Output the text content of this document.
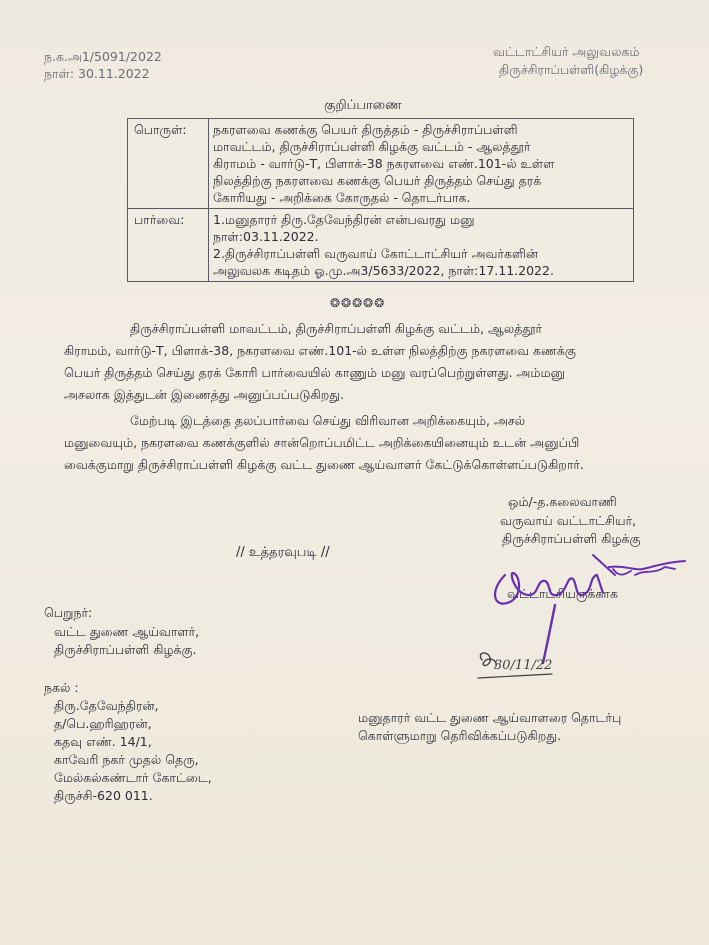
ந.க.அ1/5091/2022
நாள்: 30.11.2022
வட்டாட்சியர் அலுவலகம்
திருச்சிராப்பள்ளி(கிழக்கு)
குறிப்பாணை
பொருள்:	நகரளவை கணக்கு பெயர் திருத்தம் - திருச்சிராப்பள்ளி
மாவட்டம், திருச்சிராப்பள்ளி கிழக்கு வட்டம் - ஆலத்தூர்
கிராமம் - வார்டு-T, பிளாக்-38 நகரளவை எண்.101-ல் உள்ள
நிலத்திற்கு நகரளவை கணக்கு பெயர் திருத்தம் செய்து தரக்
கோரியது - அறிக்கை கோருதல் - தொடர்பாக.

பார்வை:	1.மனுதாரர் திரு.தேவேந்திரன் என்பவரது மனு
நாள்:03.11.2022.
2.திருச்சிராப்பள்ளி வருவாய் கோட்டாட்சியர் அவர்களின்
அலுவலக கடிதம் ஓ.மு.அ3/5633/2022, நாள்:17.11.2022.
❂❂❂❂❂

திருச்சிராப்பள்ளி மாவட்டம், திருச்சிராப்பள்ளி கிழக்கு வட்டம், ஆலத்தூர்

கிராமம், வார்டு-T, பிளாக்-38, நகரளவை எண்.101-ல் உள்ள நிலத்திற்கு நகரளவை கணக்கு

பெயர் திருத்தம் செய்து தரக் கோரி பார்வையில் காணும் மனு வரப்பெற்றுள்ளது. அம்மனு

அசலாக இத்துடன் இணைத்து அனுப்பப்படுகிறது.

மேற்படி இடத்தை தலப்பார்வை செய்து விரிவான அறிக்கையும், அசல்

மனுவையும், நகரளவை கணக்குளில் சான்றொப்பமிட்ட அறிக்கையினையும் உடன் அனுப்பி

வைக்குமாறு திருச்சிராப்பள்ளி கிழக்கு வட்ட துணை ஆய்வாளர் கேட்டுக்கொள்ளப்படுகிறார்.

ஒம்/-த.கலைவாணி
வருவாய் வட்டாட்சியர்,
திருச்சிராப்பள்ளி கிழக்கு
வட்டாட்சியருக்காக
// உத்தரவுபடி //
30/11/22
பெறுநர்:
வட்ட துணை ஆய்வாளர்,
திருச்சிராப்பள்ளி கிழக்கு.
நகல் :
திரு.தேவேந்திரன்,
த/பெ.ஹரிஹரன்,
கதவு எண். 14/1,
காவேரி நகர் முதல் தெரு,
மேல்கல்கண்டார் கோட்டை,
திருச்சி-620 011.
மனுதாரர் வட்ட துணை ஆய்வாளரை தொடர்பு
கொள்ளுமாறு தெரிவிக்கப்படுகிறது.
